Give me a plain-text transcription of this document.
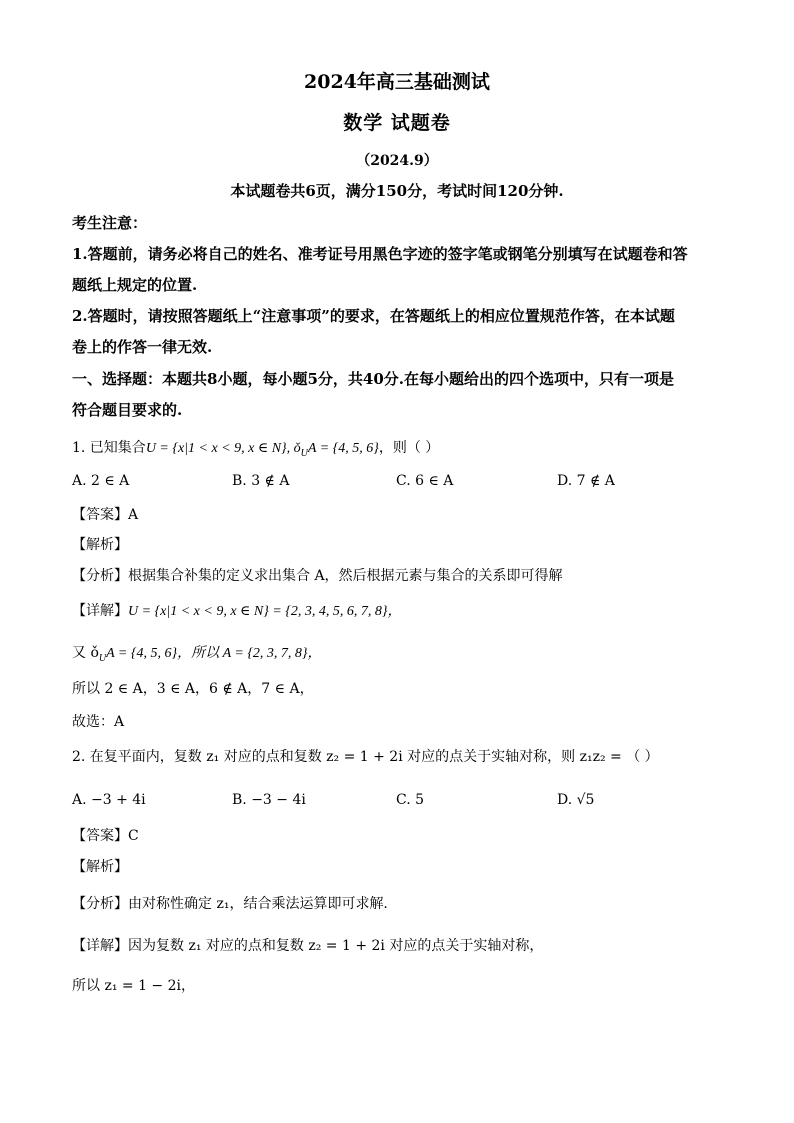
2024年高三基础测试
数学 试题卷
（2024.9）
本试题卷共6页，满分150分，考试时间120分钟.
考生注意：
1.答题前，请务必将自己的姓名、准考证号用黑色字迹的签字笔或钢笔分别填写在试题卷和答
题纸上规定的位置.
2.答题时，请按照答题纸上“注意事项”的要求，在答题纸上的相应位置规范作答，在本试题
卷上的作答一律无效.
一、选择题：本题共8小题，每小题5分，共40分.在每小题给出的四个选项中，只有一项是
符合题目要求的.
1. 已知集合U = {x|1 < x < 9, x ∈ N}, $ǒ_UA = \{4$, 5, 6}，则（ ）
A. 2 ∈ A	B. 3 ∉ A	C. 6 ∈ A	D. 7 ∉ A
【答案】A
【解析】
【分析】根据集合补集的定义求出集合 A，然后根据元素与集合的关系即可得解
【详解】U = {x|1 < x < 9, x ∈ N} = {2, 3, 4, 5, 6, 7, 8}，
又 $ǒ_UA = \{4$, 5, 6}，所以 A = {2, 3, 7, 8}，
所以 2 ∈ A，3 ∈ A，6 ∉ A，7 ∈ A，
故选：A
2. 在复平面内，复数 z₁ 对应的点和复数 z₂ = 1 + 2i 对应的点关于实轴对称，则 z₁z₂ = （ ）
A. −3 + 4i	B. −3 − 4i	C. 5	D. √5
【答案】C
【解析】
【分析】由对称性确定 z₁，结合乘法运算即可求解.
【详解】因为复数 z₁ 对应的点和复数 z₂ = 1 + 2i 对应的点关于实轴对称，
所以 z₁ = 1 − 2i，
